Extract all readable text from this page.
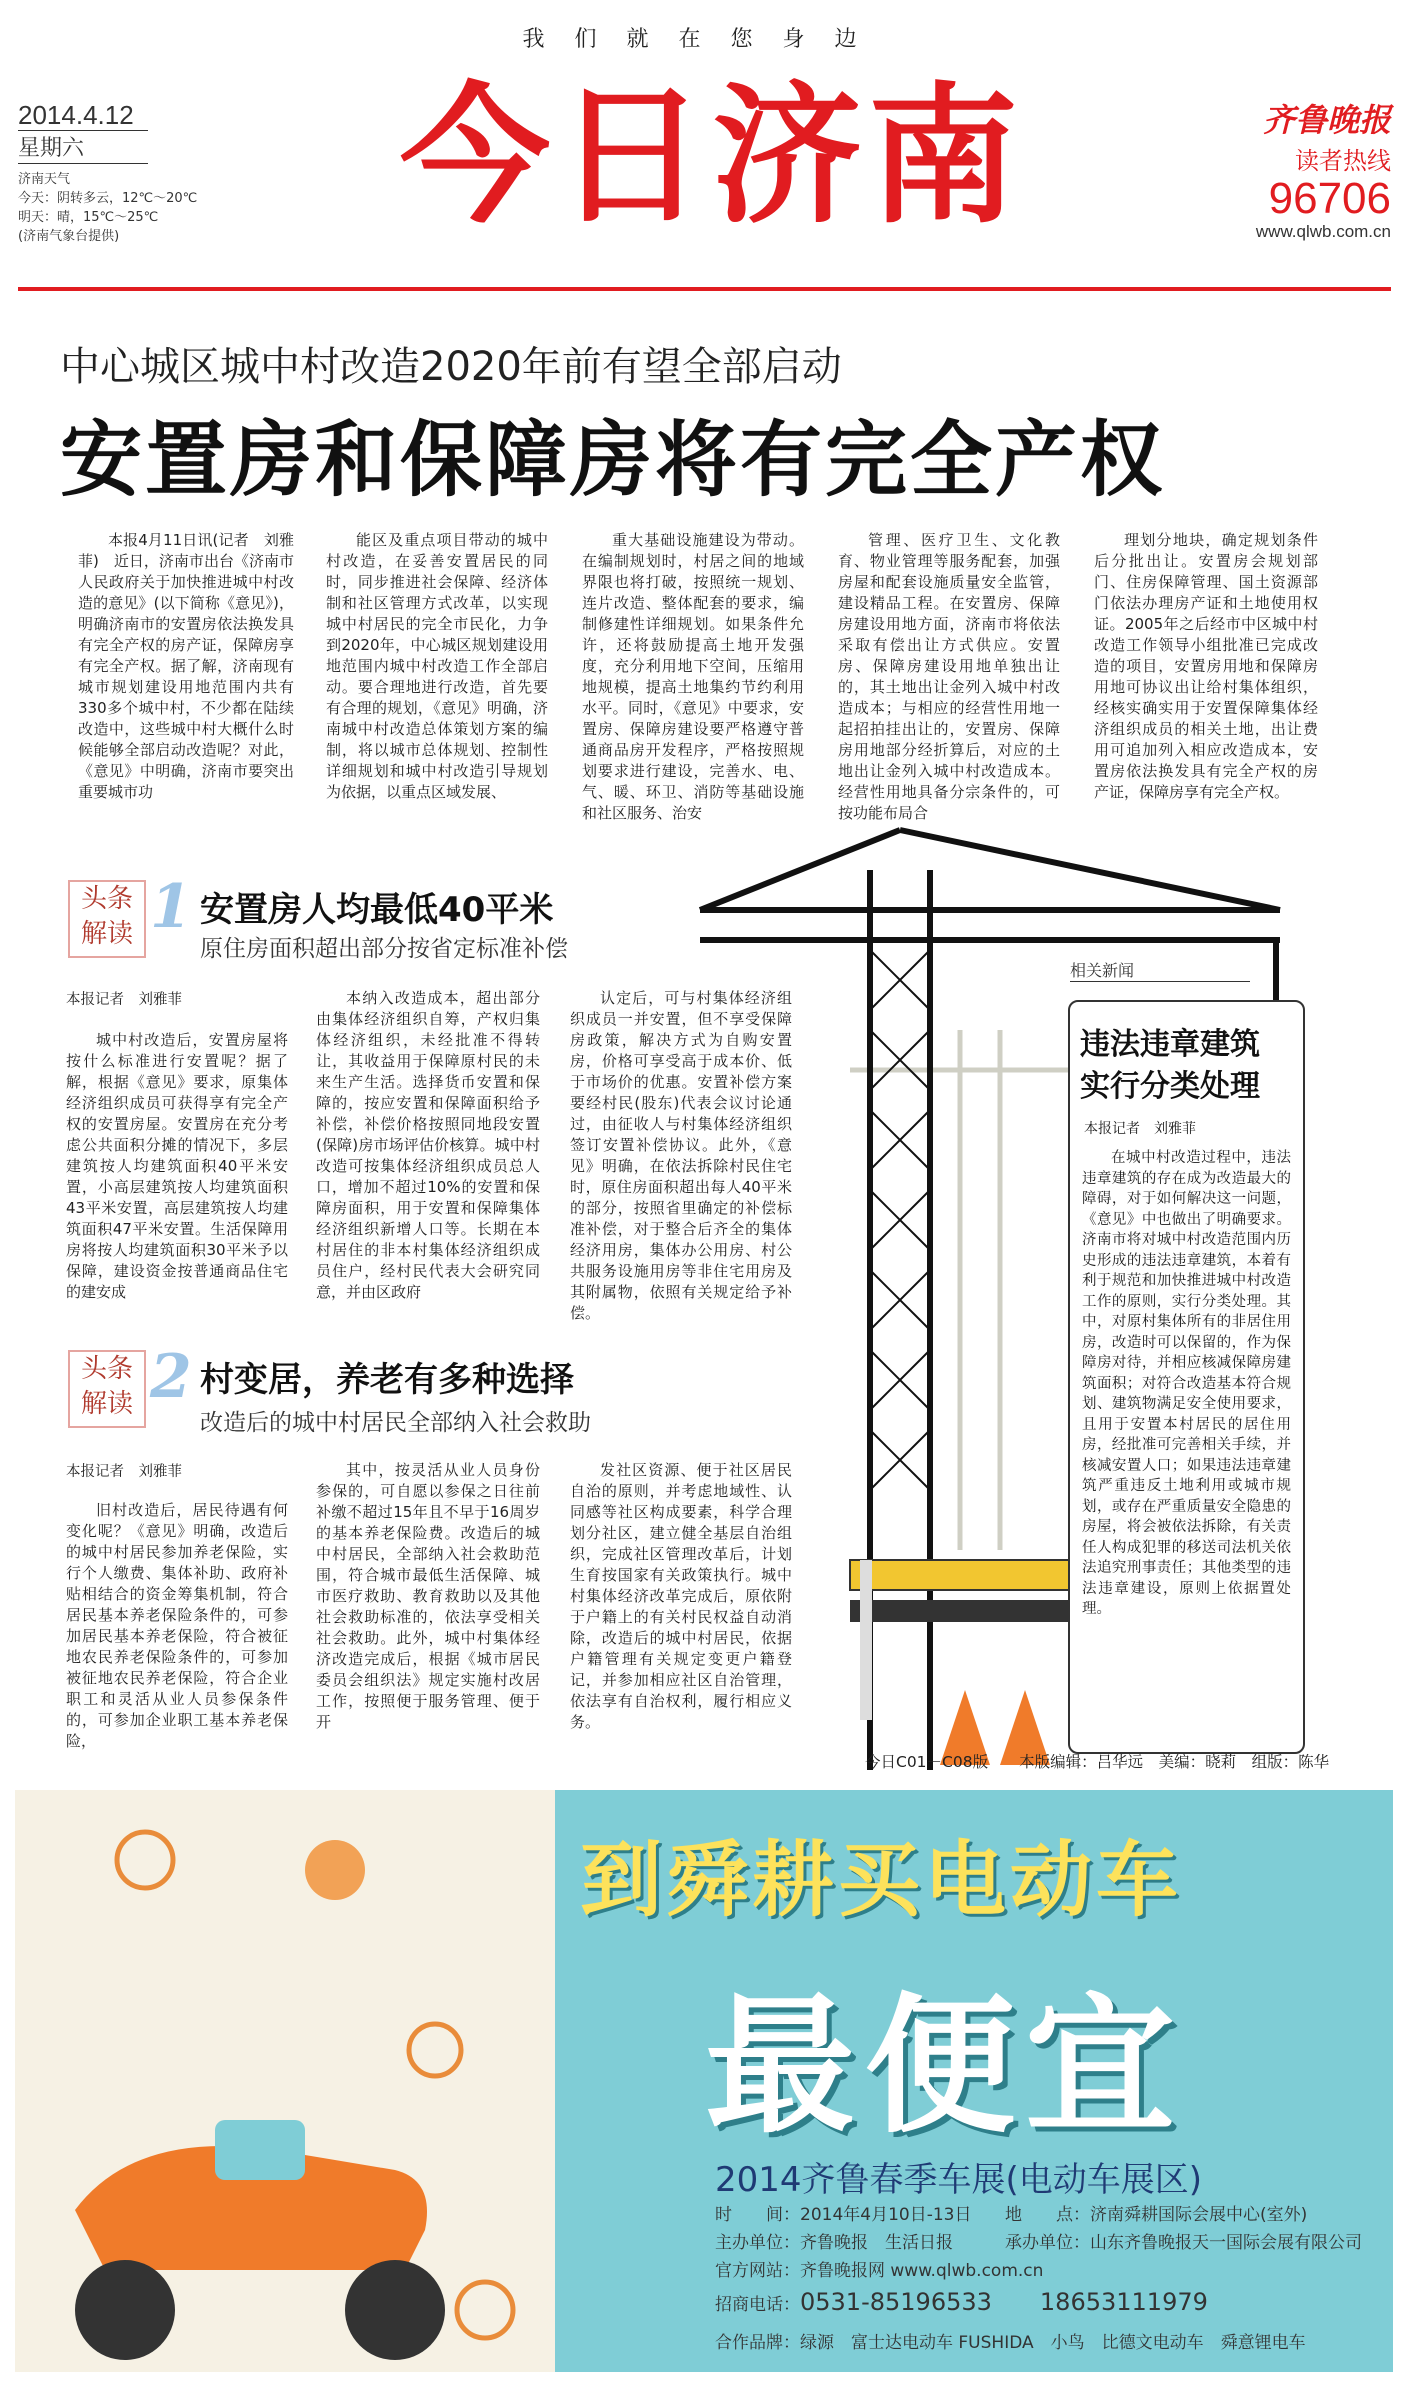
我们就在您身边
2014.4.12
星期六
济南天气
今天：阴转多云，12℃～20℃
明天：晴，15℃～25℃
(济南气象台提供)	今日济南	齐鲁晚报
读者热线
96706
www.qlwb.com.cn
中心城区城中村改造2020年前有望全部启动
安置房和保障房将有完全产权

本报4月11日讯(记者　刘雅菲)　近日，济南市出台《济南市人民政府关于加快推进城中村改造的意见》(以下简称《意见》)，明确济南市的安置房依法换发具有完全产权的房产证，保障房享有完全产权。据了解，济南现有城市规划建设用地范围内共有330多个城中村，不少都在陆续改造中，这些城中村大概什么时候能够全部启动改造呢？对此，《意见》中明确，济南市要突出重要城市功

能区及重点项目带动的城中村改造，在妥善安置居民的同时，同步推进社会保障、经济体制和社区管理方式改革，以实现城中村居民的完全市民化，力争到2020年，中心城区规划建设用地范围内城中村改造工作全部启动。要合理地进行改造，首先要有合理的规划，《意见》明确，济南城中村改造总体策划方案的编制，将以城市总体规划、控制性详细规划和城中村改造引导规划为依据，以重点区域发展、

重大基础设施建设为带动。在编制规划时，村居之间的地域界限也将打破，按照统一规划、连片改造、整体配套的要求，编制修建性详细规划。如果条件允许，还将鼓励提高土地开发强度，充分利用地下空间，压缩用地规模，提高土地集约节约利用水平。同时，《意见》中要求，安置房、保障房建设要严格遵守普通商品房开发程序，严格按照规划要求进行建设，完善水、电、气、暖、环卫、消防等基础设施和社区服务、治安

管理、医疗卫生、文化教育、物业管理等服务配套，加强房屋和配套设施质量安全监管，建设精品工程。在安置房、保障房建设用地方面，济南市将依法采取有偿出让方式供应。安置房、保障房建设用地单独出让的，其土地出让金列入城中村改造成本；与相应的经营性用地一起招拍挂出让的，安置房、保障房用地部分经折算后，对应的土地出让金列入城中村改造成本。经营性用地具备分宗条件的，可按功能布局合

理划分地块，确定规划条件后分批出让。安置房会规划部门、住房保障管理、国土资源部门依法办理房产证和土地使用权证。2005年之后经市中区城中村改造工作领导小组批准已完成改造的项目，安置房用地和保障房用地可协议出让给村集体组织，经核实确实用于安置保障集体经济组织成员的相关土地，出让费用可追加列入相应改造成本，安置房依法换发具有完全产权的房产证，保障房享有完全产权。

相关新闻
违法违章建筑
实行分类处理
本报记者　刘雅菲
在城中村改造过程中，违法违章建筑的存在成为改造最大的障碍，对于如何解决这一问题，《意见》中也做出了明确要求。济南市将对城中村改造范围内历史形成的违法违章建筑，本着有利于规范和加快推进城中村改造工作的原则，实行分类处理。其中，对原村集体所有的非居住用房，改造时可以保留的，作为保障房对待，并相应核减保障房建筑面积；对符合改造基本符合规划、建筑物满足安全使用要求，且用于安置本村居民的居住用房，经批准可完善相关手续，并核减安置人口；如果违法违章建筑严重违反土地利用或城市规划，或存在严重质量安全隐患的房屋，将会被依法拆除，有关责任人构成犯罪的移送司法机关依法追究刑事责任；其他类型的违法违章建设，原则上依据置处理。
头条
解读 1 安置房人均最低40平米
原住房面积超出部分按省定标准补偿
本报记者　刘雅菲

城中村改造后，安置房屋将按什么标准进行安置呢？据了解，根据《意见》要求，原集体经济组织成员可获得享有完全产权的安置房屋。安置房在充分考虑公共面积分摊的情况下，多层建筑按人均建筑面积40平米安置，小高层建筑按人均建筑面积43平米安置，高层建筑按人均建筑面积47平米安置。生活保障用房将按人均建筑面积30平米予以保障，建设资金按普通商品住宅的建安成

本纳入改造成本，超出部分由集体经济组织自筹，产权归集体经济组织，未经批准不得转让，其收益用于保障原村民的未来生产生活。选择货币安置和保障的，按应安置和保障面积给予补偿，补偿价格按照同地段安置(保障)房市场评估价核算。城中村改造可按集体经济组织成员总人口，增加不超过10%的安置和保障房面积，用于安置和保障集体经济组织新增人口等。长期在本村居住的非本村集体经济组织成员住户，经村民代表大会研究同意，并由区政府

认定后，可与村集体经济组织成员一并安置，但不享受保障房政策，解决方式为自购安置房，价格可享受高于成本价、低于市场价的优惠。安置补偿方案要经村民(股东)代表会议讨论通过，由征收人与村集体经济组织签订安置补偿协议。此外，《意见》明确，在依法拆除村民住宅时，原住房面积超出每人40平米的部分，按照省里确定的补偿标准补偿，对于整合后齐全的集体经济用房，集体办公用房、村公共服务设施用房等非住宅用房及其附属物，依照有关规定给予补偿。

头条
解读 2 村变居，养老有多种选择
改造后的城中村居民全部纳入社会救助
本报记者　刘雅菲

旧村改造后，居民待遇有何变化呢？《意见》明确，改造后的城中村居民参加养老保险，实行个人缴费、集体补助、政府补贴相结合的资金筹集机制，符合居民基本养老保险条件的，可参加居民基本养老保险，符合被征地农民养老保险条件的，可参加被征地农民养老保险，符合企业职工和灵活从业人员参保条件的，可参加企业职工基本养老保险，

其中，按灵活从业人员身份参保的，可自愿以参保之日往前补缴不超过15年且不早于16周岁的基本养老保险费。改造后的城中村居民，全部纳入社会救助范围，符合城市最低生活保障、城市医疗救助、教育救助以及其他社会救助标准的，依法享受相关社会救助。此外，城中村集体经济改造完成后，根据《城市居民委员会组织法》规定实施村改居工作，按照便于服务管理、便于开

发社区资源、便于社区居民自治的原则，并考虑地域性、认同感等社区构成要素，科学合理划分社区，建立健全基层自治组织，完成社区管理改革后，计划生育按国家有关政策执行。城中村集体经济改革完成后，原依附于户籍上的有关村民权益自动消除，改造后的城中村居民，依据户籍管理有关规定变更户籍登记，并参加相应社区自治管理，依法享有自治权利，履行相应义务。

今日C01－C08版　　本版编辑：吕华远　美编：晓莉　组版：陈华
到舜耕买电动车
最便宜
2014齐鲁春季车展(电动车展区)
时　　间：2014年4月10日-13日 地　　点：济南舜耕国际会展中心(室外)
主办单位：齐鲁晚报　生活日报	承办单位：山东齐鲁晚报天一国际会展有限公司
官方网站：齐鲁晚报网 www.qlwb.com.cn
招商电话：0531-85196533　　 18653111979
合作品牌：绿源　 富士达电动车 FUSHIDA　 小鸟　 比德文电动车　 舜意锂电车
